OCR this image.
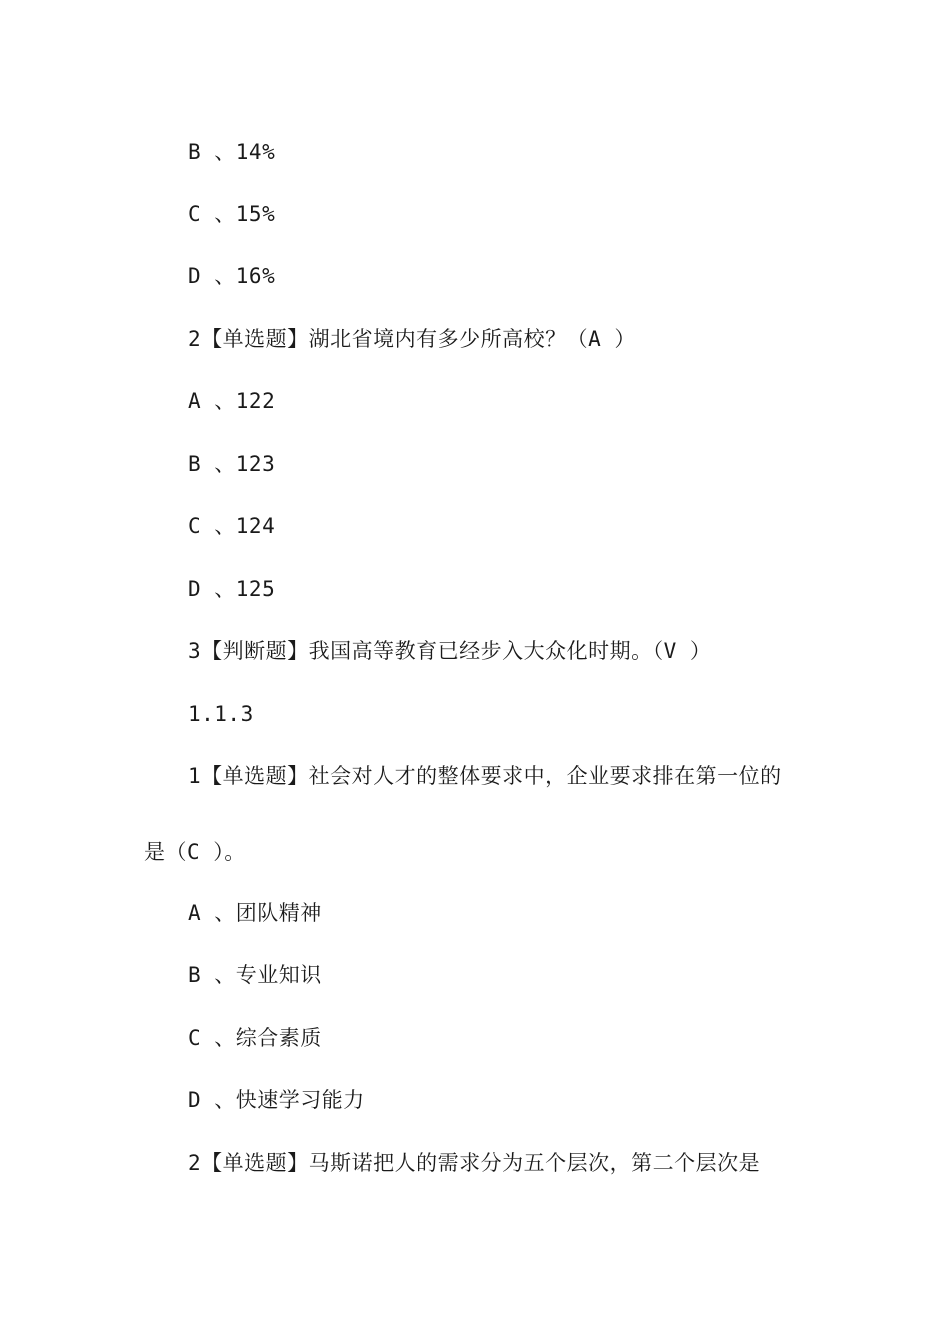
B 、14%
C 、15%
D 、16%
2【单选题】湖北省境内有多少所高校？（A ）
A 、122
B 、123
C 、124
D 、125
3【判断题】我国高等教育已经步入大众化时期。（V ）
1.1.3
1【单选题】社会对人才的整体要求中，企业要求排在第一位的
是（C ）。
A 、团队精神
B 、专业知识
C 、综合素质
D 、快速学习能力
2【单选题】马斯诺把人的需求分为五个层次，第二个层次是
